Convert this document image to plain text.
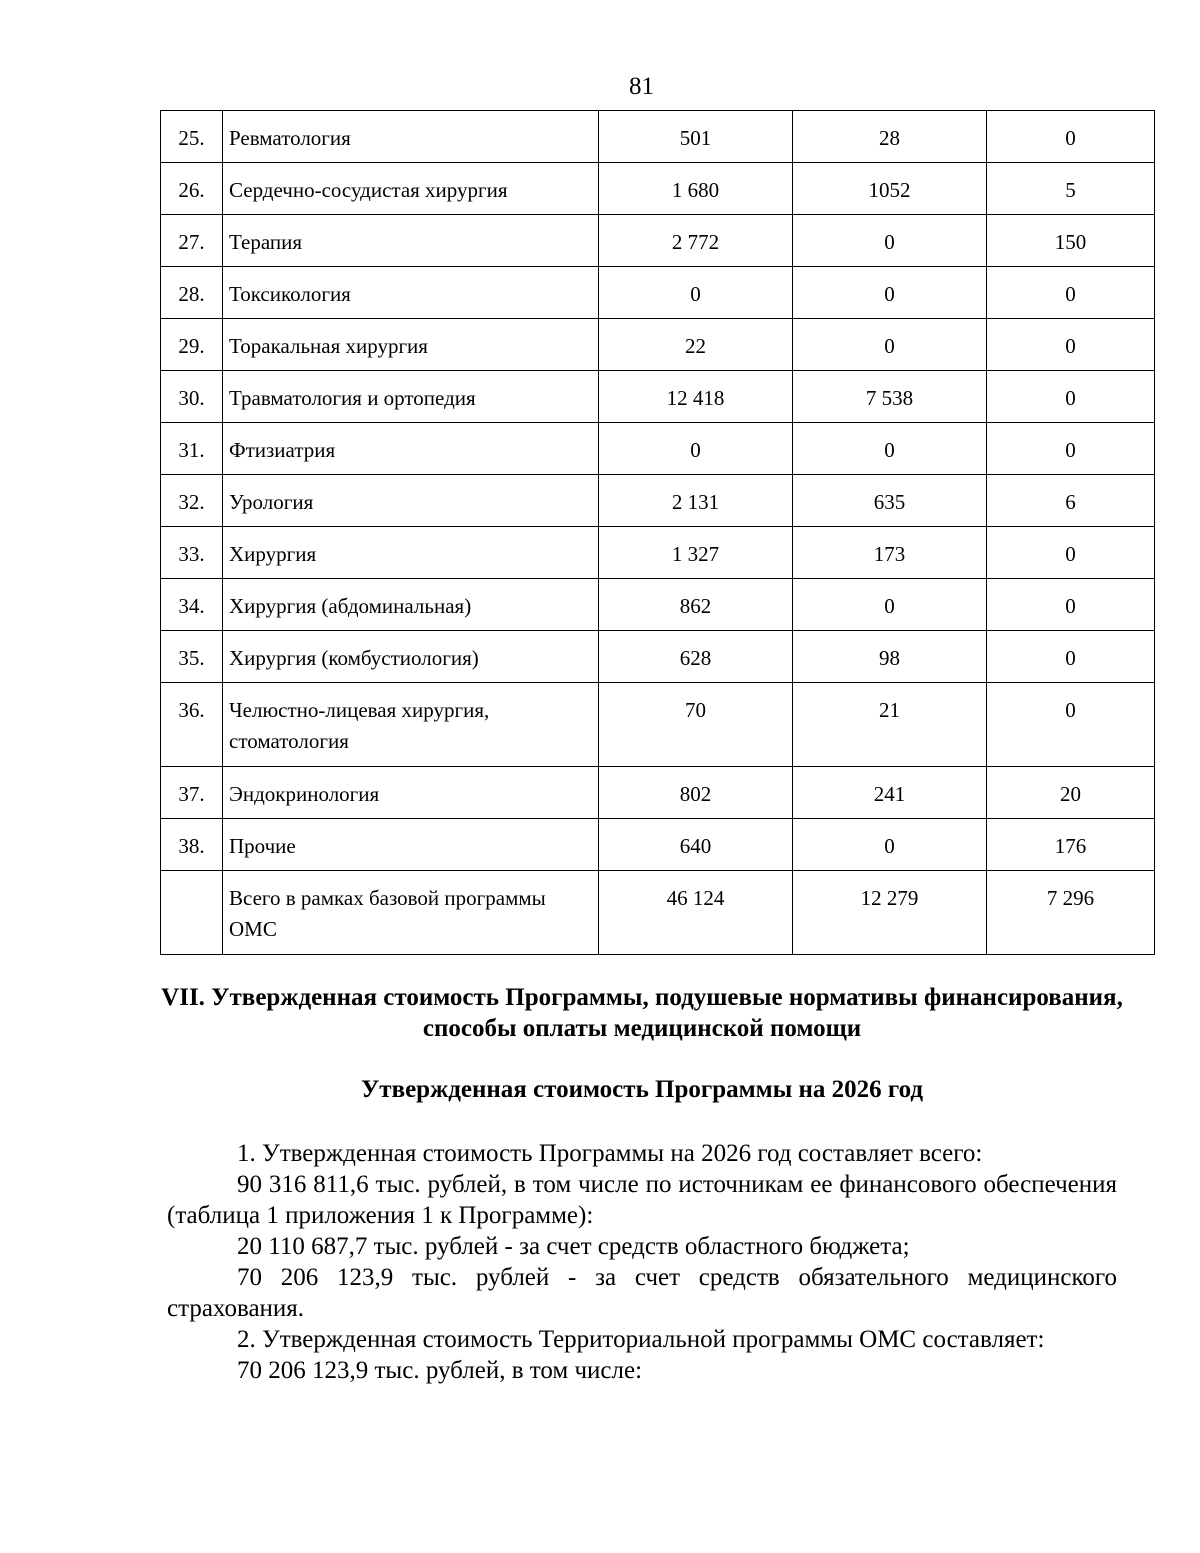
81
25.	Ревматология	501	28	0
26.	Сердечно-сосудистая хирургия	1 680	1052	5
27.	Терапия	2 772	0	150
28.	Токсикология	0	0	0
29.	Торакальная хирургия	22	0	0
30.	Травматология и ортопедия	12 418	7 538	0
31.	Фтизиатрия	0	0	0
32.	Урология	2 131	635	6
33.	Хирургия	1 327	173	0
34.	Хирургия (абдоминальная)	862	0	0
35.	Хирургия (комбустиология)	628	98	0
36.	Челюстно-лицевая хирургия, стоматология	70	21	0
37.	Эндокринология	802	241	20
38.	Прочие	640	0	176
	Всего в рамках базовой программы ОМС	46 124	12 279	7 296
VII. Утвержденная стоимость Программы, подушевые нормативы финансирования, способы оплаты медицинской помощи
Утвержденная стоимость Программы на 2026 год

1. Утвержденная стоимость Программы на 2026 год составляет всего:

90 316 811,6 тыс. рублей, в том числе по источникам ее финансового обеспечения (таблица 1 приложения 1 к Программе):

20 110 687,7 тыс. рублей - за счет средств областного бюджета;

70 206 123,9 тыс. рублей - за счет средств обязательного медицинского страхования.

2. Утвержденная стоимость Территориальной программы ОМС составляет:

70 206 123,9 тыс. рублей, в том числе:
